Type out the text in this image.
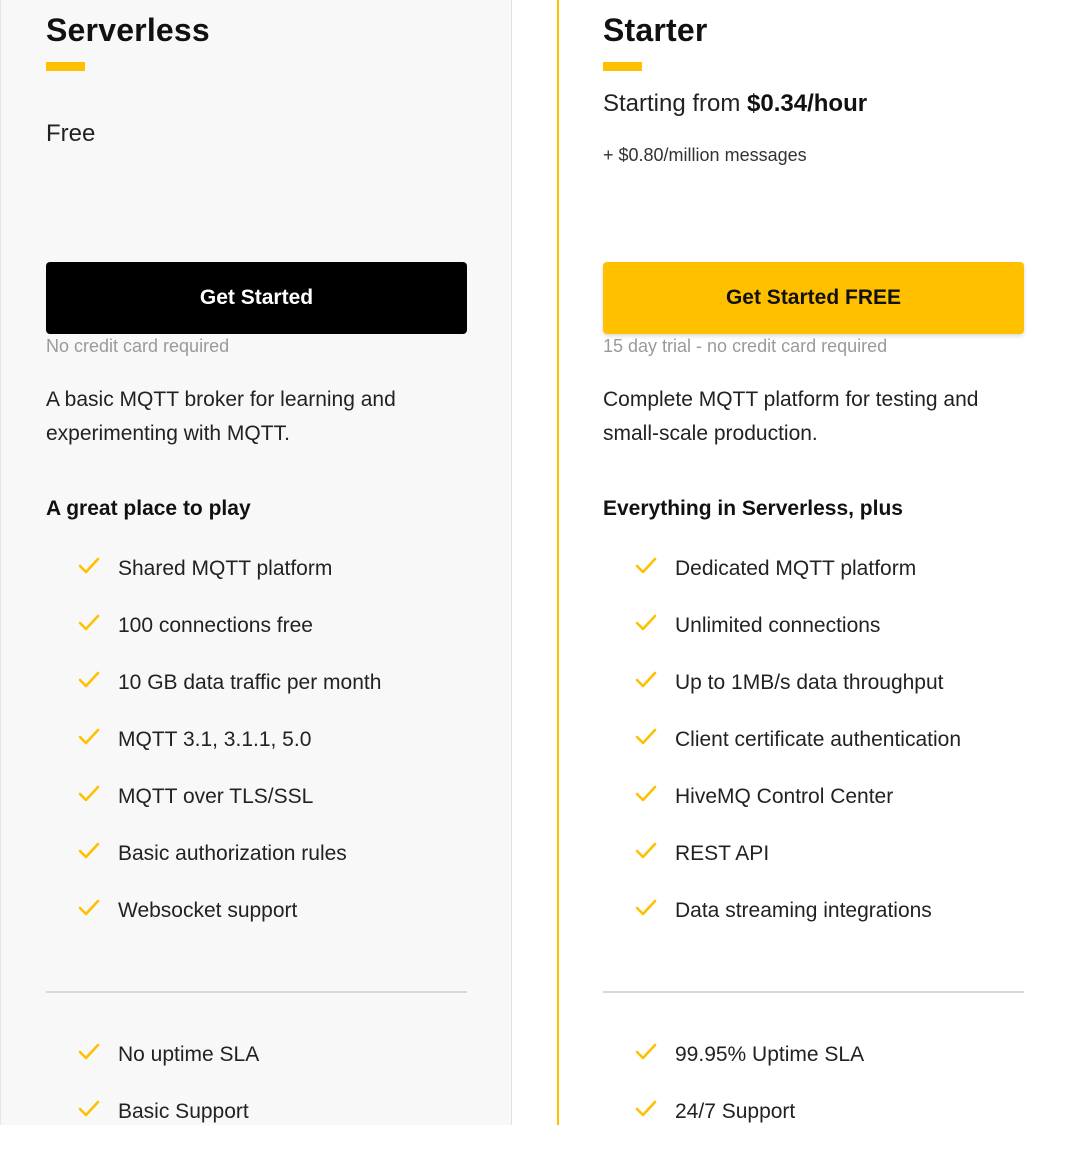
Serverless
Free
Get Started
No credit card required
A basic MQTT broker for learning and experimenting with MQTT.
A great place to play
Shared MQTT platform
100 connections free
10 GB data traffic per month
MQTT 3.1, 3.1.1, 5.0
MQTT over TLS/SSL
Basic authorization rules
Websocket support
No uptime SLA
Basic Support
Starter
Starting from $0.34/hour
+ $0.80/million messages
Get Started FREE
15 day trial - no credit card required
Complete MQTT platform for testing and small-scale production.
Everything in Serverless, plus
Dedicated MQTT platform
Unlimited connections
Up to 1MB/s data throughput
Client certificate authentication
HiveMQ Control Center
REST API
Data streaming integrations
99.95% Uptime SLA
24/7 Support
